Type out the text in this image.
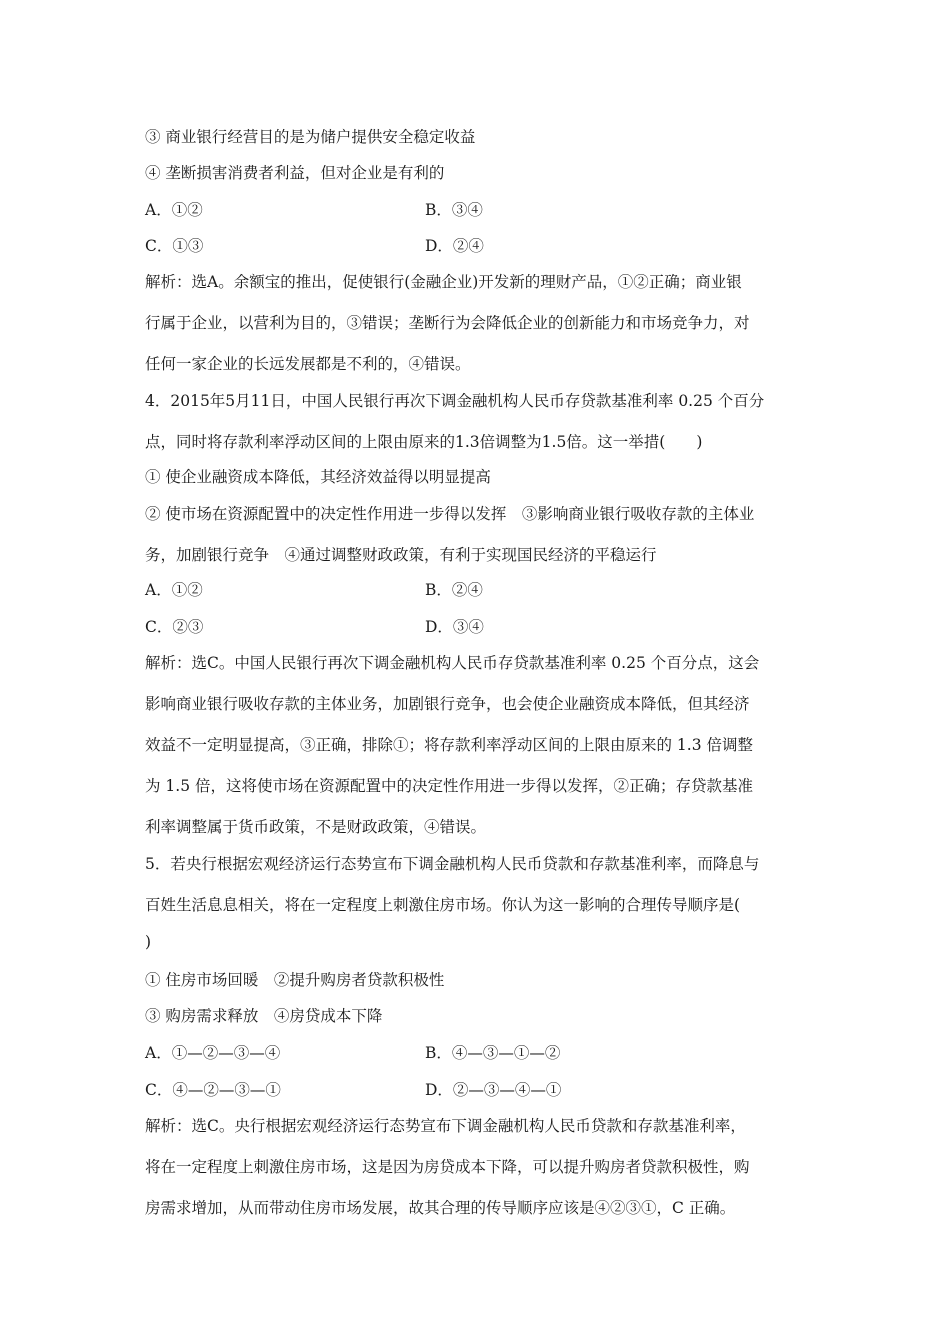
③ 商业银行经营目的是为储户提供安全稳定收益
④ 垄断损害消费者利益，但对企业是有利的
A．①②	B．③④
C．①③	D．②④
解析：选A。余额宝的推出，促使银行(金融企业)开发新的理财产品，①②正确；商业银
行属于企业，以营利为目的，③错误；垄断行为会降低企业的创新能力和市场竞争力，对
任何一家企业的长远发展都是不利的，④错误。
4．2015年5月11日，中国人民银行再次下调金融机构人民币存贷款基准利率 0.25 个百分
点，同时将存款利率浮动区间的上限由原来的1.3倍调整为1.5倍。这一举措(　　)
① 使企业融资成本降低，其经济效益得以明显提高
② 使市场在资源配置中的决定性作用进一步得以发挥　③影响商业银行吸收存款的主体业
务，加剧银行竞争　④通过调整财政政策，有利于实现国民经济的平稳运行
A．①②	B．②④
C．②③	D．③④
解析：选C。中国人民银行再次下调金融机构人民币存贷款基准利率 0.25 个百分点，这会
影响商业银行吸收存款的主体业务，加剧银行竞争，也会使企业融资成本降低，但其经济
效益不一定明显提高，③正确，排除①；将存款利率浮动区间的上限由原来的 1.3 倍调整
为 1.5 倍，这将使市场在资源配置中的决定性作用进一步得以发挥，②正确；存贷款基准
利率调整属于货币政策，不是财政政策，④错误。
5．若央行根据宏观经济运行态势宣布下调金融机构人民币贷款和存款基准利率，而降息与
百姓生活息息相关，将在一定程度上刺激住房市场。你认为这一影响的合理传导顺序是(
)
① 住房市场回暖　②提升购房者贷款积极性
③ 购房需求释放　④房贷成本下降
A．①—②—③—④	B．④—③—①—②
C．④—②—③—①	D．②—③—④—①
解析：选C。央行根据宏观经济运行态势宣布下调金融机构人民币贷款和存款基准利率，
将在一定程度上刺激住房市场，这是因为房贷成本下降，可以提升购房者贷款积极性，购
房需求增加，从而带动住房市场发展，故其合理的传导顺序应该是④②③①，C 正确。
